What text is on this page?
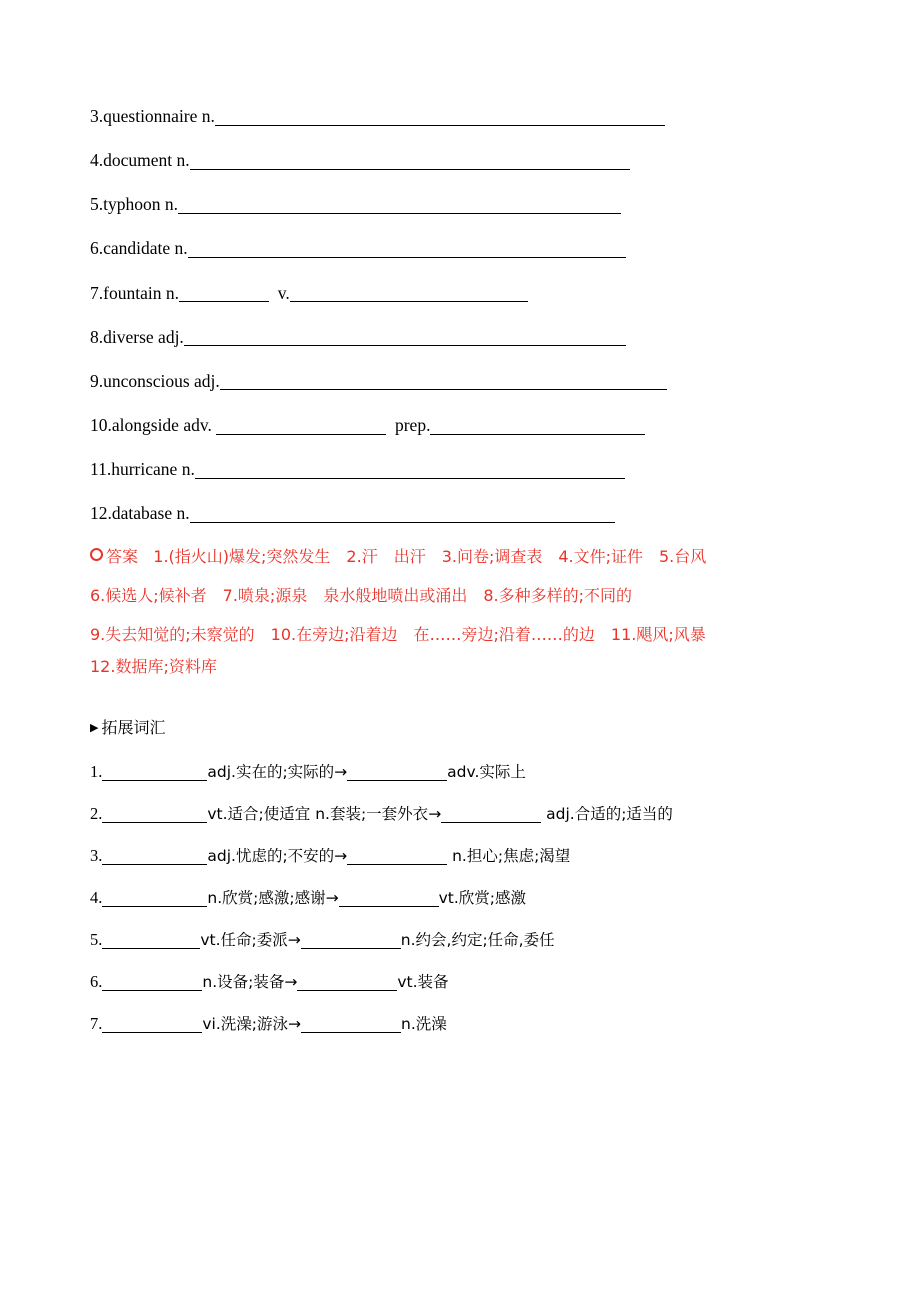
3.questionnaire n.
4.document n.
5.typhoon n.
6.candidate n.
7.fountain n.	v.
8.diverse adj.
9.unconscious adj.
10.alongside adv.	prep.
11.hurricane n.
12.database n.
答案 1.(指火山)爆发;突然发生　2.汗　出汗　3.问卷;调查表　4.文件;证件　5.台风
6.候选人;候补者　7.喷泉;源泉　泉水般地喷出或涌出　8.多种多样的;不同的
9.失去知觉的;未察觉的　10.在旁边;沿着边　在……旁边;沿着……的边　11.飓风;风暴
12.数据库;资料库
▶ 拓展词汇
1.	adj.实在的;实际的→	adv.实际上
2.	vt.适合;使适宜 n.套装;一套外衣→	adj.合适的;适当的
3.	adj.忧虑的;不安的→	n.担心;焦虑;渴望
4.	n.欣赏;感激;感谢→	vt.欣赏;感激
5.	vt.任命;委派→	n.约会,约定;任命,委任
6.	n.设备;装备→	vt.装备
7.	vi.洗澡;游泳→	n.洗澡
